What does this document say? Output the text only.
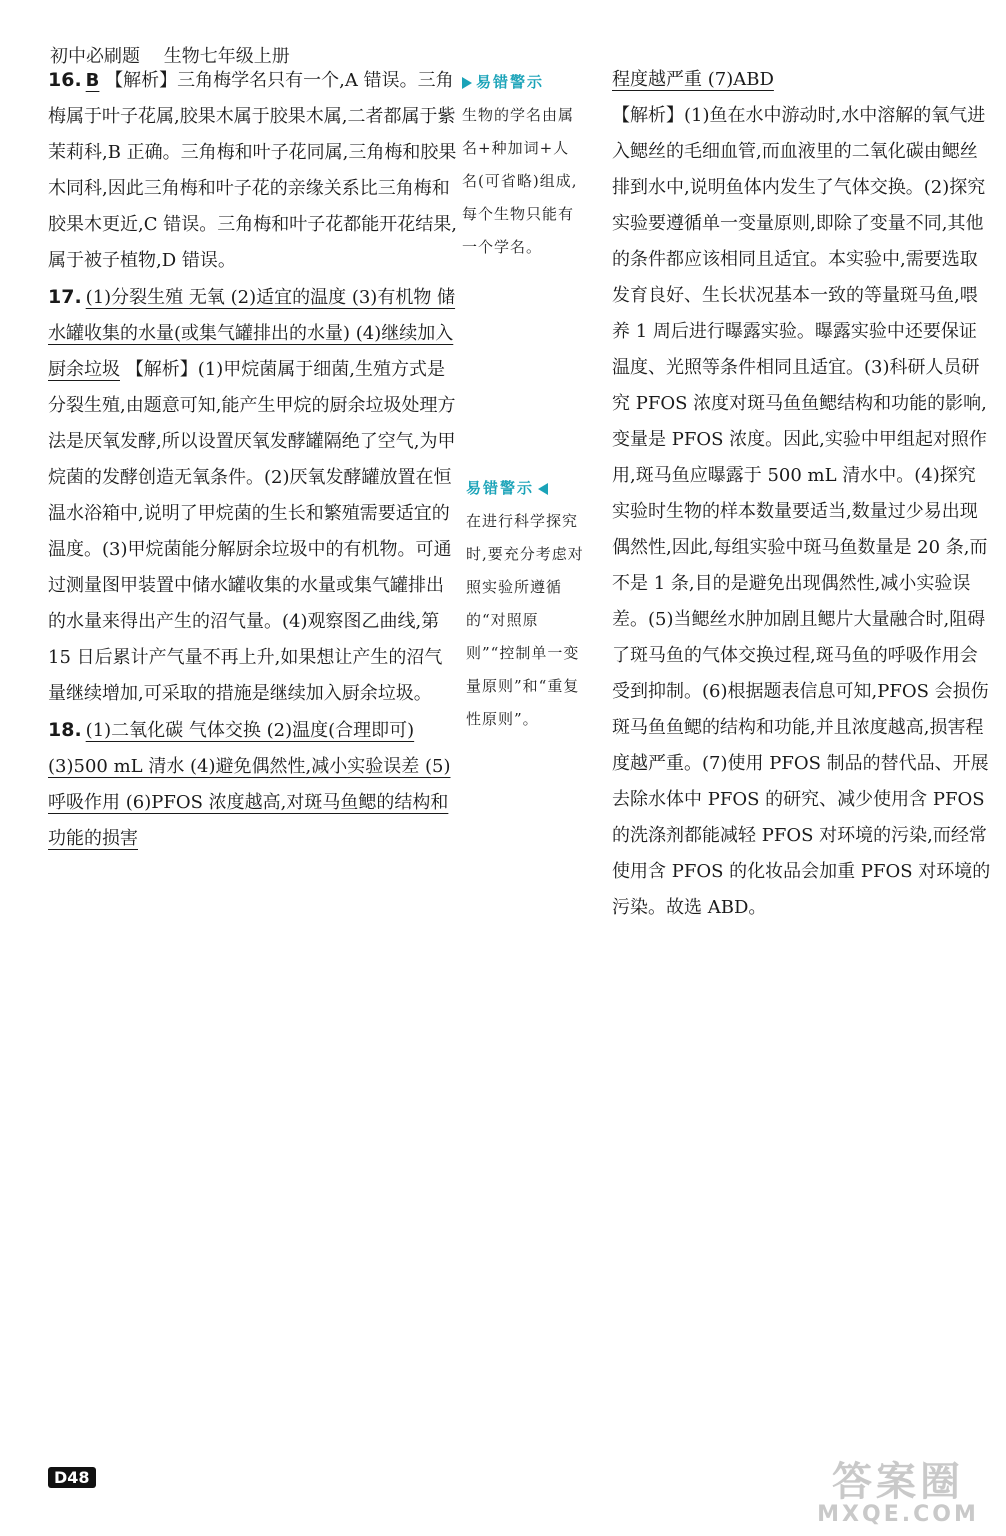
初中必刷题 生物七年级上册

16. B 【解析】三角梅学名只有一个,A 错误。三角梅属于叶子花属,胶果木属于胶果木属,二者都属于紫茉莉科,B 正确。三角梅和叶子花同属,三角梅和胶果木同科,因此三角梅和叶子花的亲缘关系比三角梅和胶果木更近,C 错误。三角梅和叶子花都能开花结果,属于被子植物,D 错误。

17. (1)分裂生殖 无氧 (2)适宜的温度 (3)有机物 储水罐收集的水量(或集气罐排出的水量) (4)继续加入厨余垃圾 【解析】(1)甲烷菌属于细菌,生殖方式是分裂生殖,由题意可知,能产生甲烷的厨余垃圾处理方法是厌氧发酵,所以设置厌氧发酵罐隔绝了空气,为甲烷菌的发酵创造无氧条件。(2)厌氧发酵罐放置在恒温水浴箱中,说明了甲烷菌的生长和繁殖需要适宜的温度。(3)甲烷菌能分解厨余垃圾中的有机物。可通过测量图甲装置中储水罐收集的水量或集气罐排出的水量来得出产生的沼气量。(4)观察图乙曲线,第 15 日后累计产气量不再上升,如果想让产生的沼气量继续增加,可采取的措施是继续加入厨余垃圾。

18. (1)二氧化碳 气体交换 (2)温度(合理即可) (3)500 mL 清水 (4)避免偶然性,减小实验误差 (5)呼吸作用 (6)PFOS 浓度越高,对斑马鱼鳃的结构和功能的损害

易错警示
生物的学名由属名+种加词+人名(可省略)组成,每个生物只能有一个学名。
易错警示
在进行科学探究时,要充分考虑对照实验所遵循的“对照原则”“控制单一变量原则”和“重复性原则”。

程度越严重 (7)ABD
【解析】(1)鱼在水中游动时,水中溶解的氧气进入鳃丝的毛细血管,而血液里的二氧化碳由鳃丝排到水中,说明鱼体内发生了气体交换。(2)探究实验要遵循单一变量原则,即除了变量不同,其他的条件都应该相同且适宜。本实验中,需要选取发育良好、生长状况基本一致的等量斑马鱼,喂养 1 周后进行曝露实验。曝露实验中还要保证温度、光照等条件相同且适宜。(3)科研人员研究 PFOS 浓度对斑马鱼鱼鳃结构和功能的影响,变量是 PFOS 浓度。因此,实验中甲组起对照作用,斑马鱼应曝露于 500 mL 清水中。(4)探究实验时生物的样本数量要适当,数量过少易出现偶然性,因此,每组实验中斑马鱼数量是 20 条,而不是 1 条,目的是避免出现偶然性,减小实验误差。(5)当鳃丝水肿加剧且鳃片大量融合时,阻碍了斑马鱼的气体交换过程,斑马鱼的呼吸作用会受到抑制。(6)根据题表信息可知,PFOS 会损伤斑马鱼鱼鳃的结构和功能,并且浓度越高,损害程度越严重。(7)使用 PFOS 制品的替代品、开展去除水体中 PFOS 的研究、减少使用含 PFOS 的洗涤剂都能减轻 PFOS 对环境的污染,而经常使用含 PFOS 的化妆品会加重 PFOS 对环境的污染。故选 ABD。

D48	答案圈
MXQE.COM
